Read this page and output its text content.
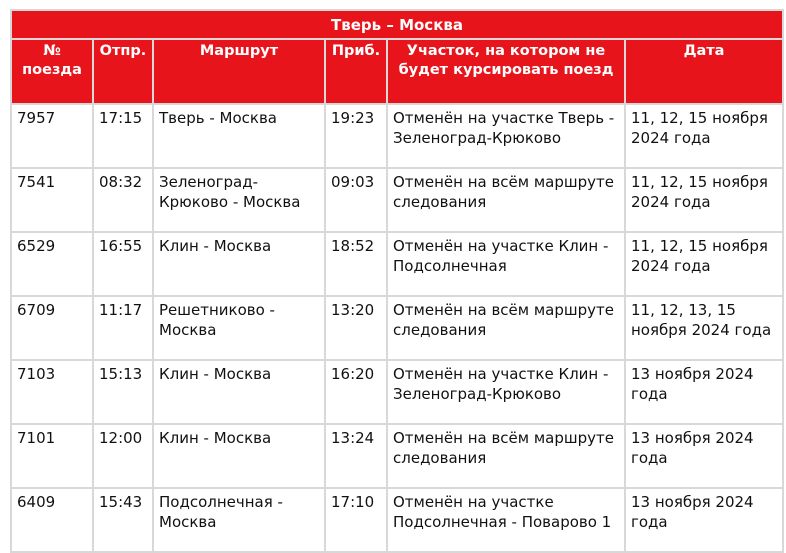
Тверь – Москва					
№ поезда	Отпр.	Маршрут	Приб.	Участок, на котором не будет курсировать поезд	Дата
7957	17:15	Тверь - Москва	19:23	Отменён на участке Тверь - Зеленоград-Крюково	11, 12, 15 ноября 2024 года
7541	08:32	Зеленоград-Крюково - Москва	09:03	Отменён на всём маршруте следования	11, 12, 15 ноября 2024 года
6529	16:55	Клин - Москва	18:52	Отменён на участке Клин - Подсолнечная	11, 12, 15 ноября 2024 года
6709	11:17	Решетниково - Москва	13:20	Отменён на всём маршруте следования	11, 12, 13, 15 ноября 2024 года
7103	15:13	Клин - Москва	16:20	Отменён на участке Клин - Зеленоград-Крюково	13 ноября 2024 года
7101	12:00	Клин - Москва	13:24	Отменён на всём маршруте следования	13 ноября 2024 года
6409	15:43	Подсолнечная - Москва	17:10	Отменён на участке Подсолнечная - Поварово 1	13 ноября 2024 года
